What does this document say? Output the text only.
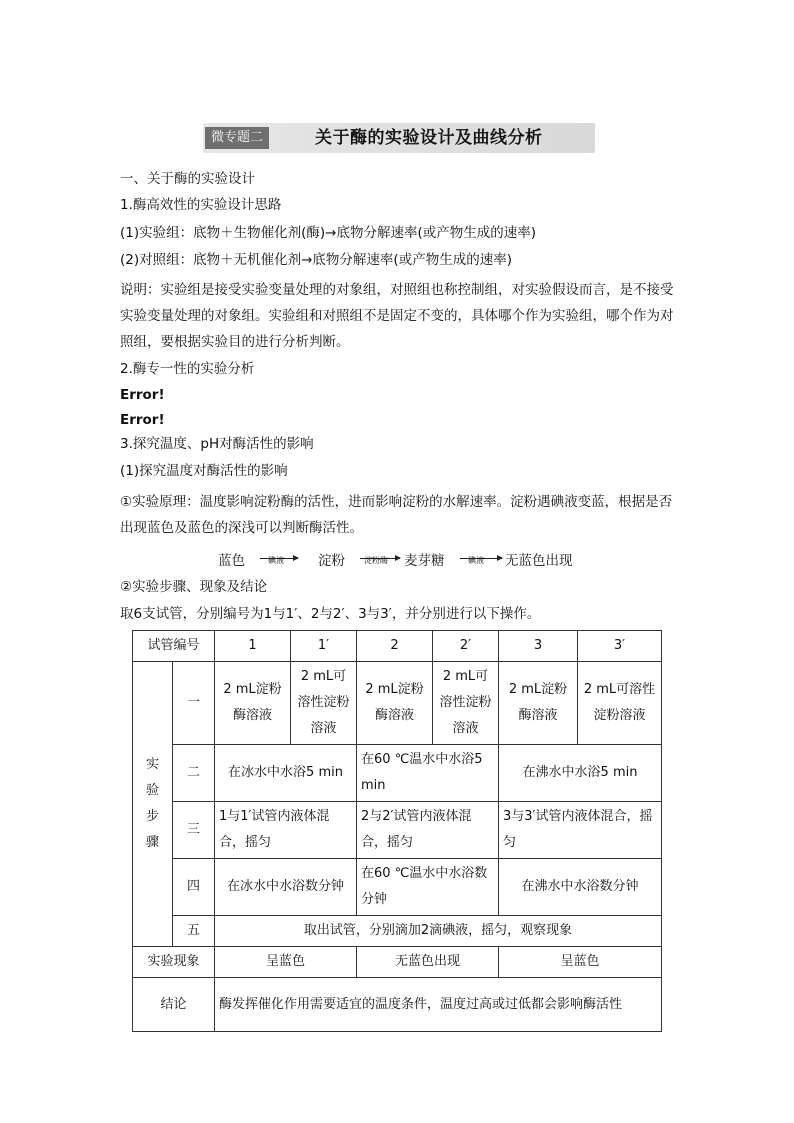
微专题二	关于酶的实验设计及曲线分析
一、关于酶的实验设计
1.酶高效性的实验设计思路
(1)实验组：底物＋生物催化剂(酶)→底物分解速率(或产物生成的速率)
(2)对照组：底物＋无机催化剂→底物分解速率(或产物生成的速率)
说明：实验组是接受实验变量处理的对象组，对照组也称控制组，对实验假设而言，是不接受实验变量处理的对象组。实验组和对照组不是固定不变的，具体哪个作为实验组，哪个作为对照组，要根据实验目的进行分析判断。
2.酶专一性的实验分析
Error!
Error!
3.探究温度、pH对酶活性的影响
(1)探究温度对酶活性的影响
①实验原理：温度影响淀粉酶的活性，进而影响淀粉的水解速率。淀粉遇碘液变蓝，根据是否出现蓝色及蓝色的深浅可以判断酶活性。
蓝色	碘液	淀粉 淀粉酶 麦芽糖	碘液 无蓝色出现
②实验步骤、现象及结论
取6支试管，分别编号为1与1′、2与2′、3与3′，并分别进行以下操作。
试管编号		1	1′	2	2′	3	3′

实验步骤	一	2 mL淀粉酶溶液	2 mL可溶性淀粉溶液	2 mL淀粉酶溶液	2 mL可溶性淀粉溶液	2 mL淀粉酶溶液	2 mL可溶性淀粉溶液
	二	在冰水中水浴5 min		在60 ℃温水中水浴5 min		在沸水中水浴5 min	
	三	1与1′试管内液体混合，摇匀		2与2′试管内液体混合，摇匀		3与3′试管内液体混合，摇匀	
	四	在冰水中水浴数分钟		在60 ℃温水中水浴数分钟		在沸水中水浴数分钟	
	五	取出试管，分别滴加2滴碘液，摇匀，观察现象					
实验现象		呈蓝色		无蓝色出现		呈蓝色	
结论		酶发挥催化作用需要适宜的温度条件，温度过高或过低都会影响酶活性					
